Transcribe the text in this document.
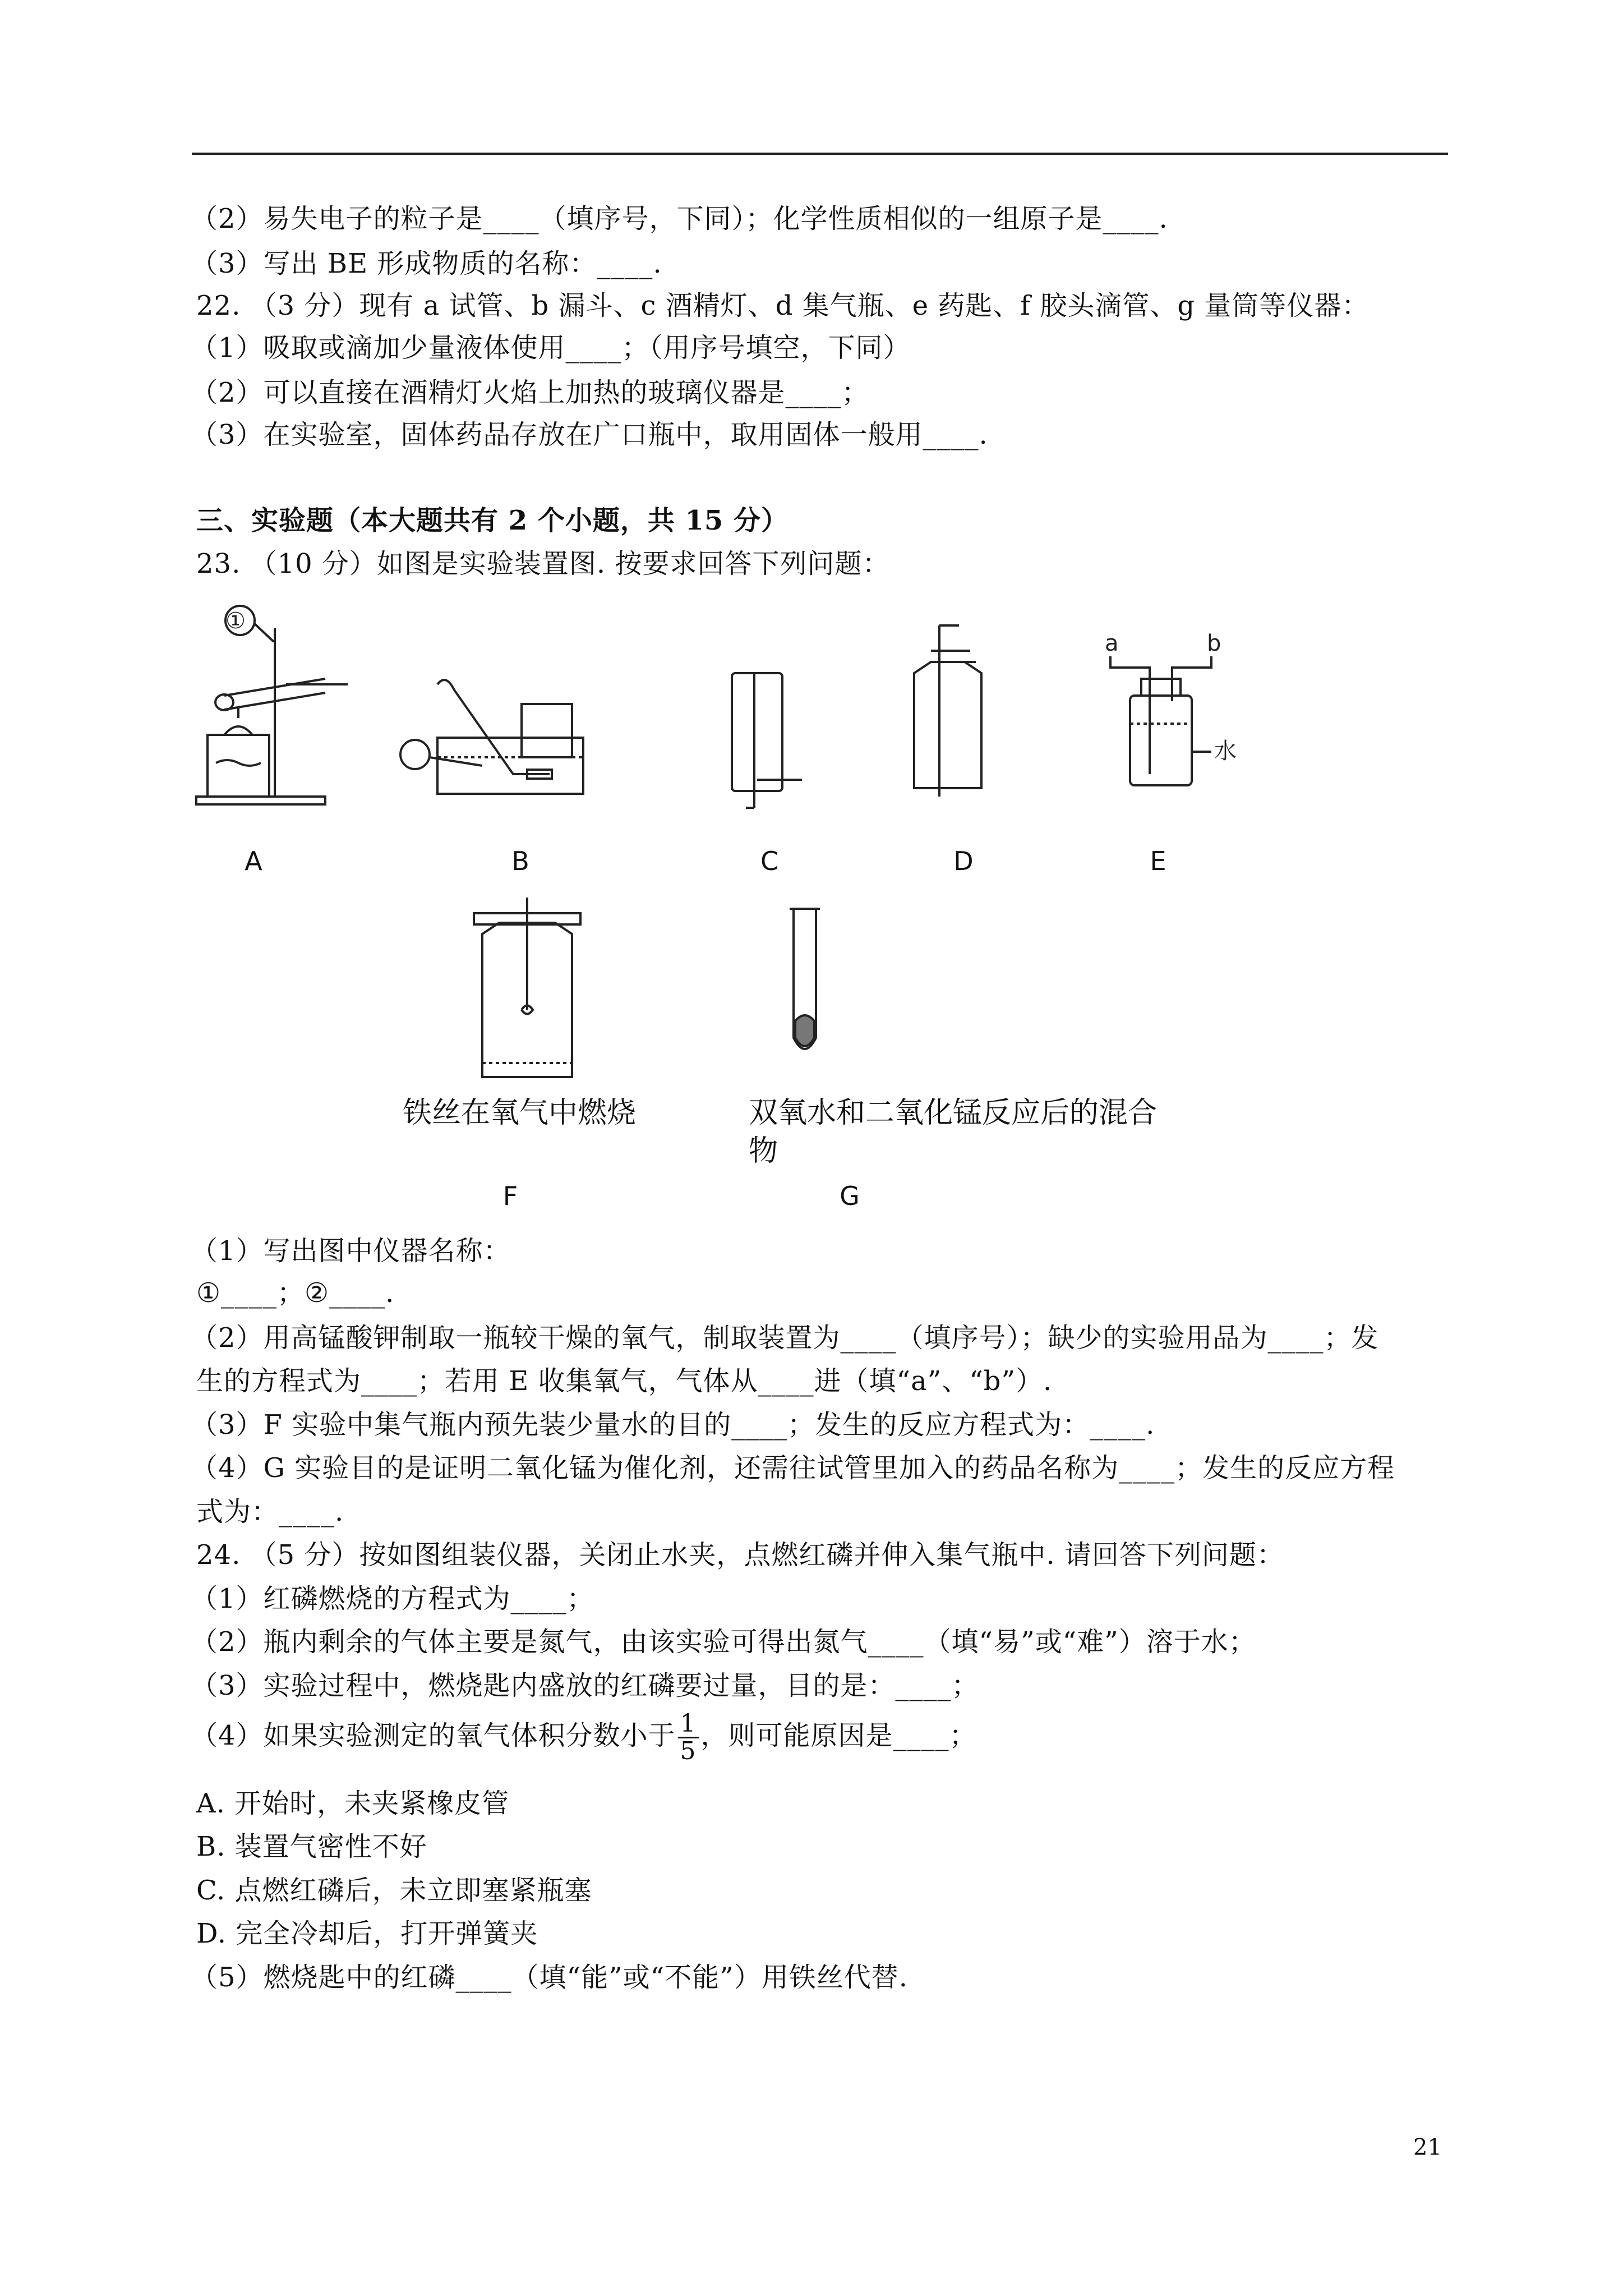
（2）易失电子的粒子是____（填序号，下同）；化学性质相似的一组原子是____.
（3）写出 BE 形成物质的名称：____.
22. （3 分）现有 a 试管、b 漏斗、c 酒精灯、d 集气瓶、e 药匙、f 胶头滴管、g 量筒等仪器：
（1）吸取或滴加少量液体使用____；（用序号填空，下同）
（2）可以直接在酒精灯火焰上加热的玻璃仪器是____；
（3）在实验室，固体药品存放在广口瓶中，取用固体一般用____.
三、实验题（本大题共有 2 个小题，共 15 分）
23. （10 分）如图是实验装置图. 按要求回答下列问题：
①
a	b
水
A	B	C	D	E
铁丝在氧气中燃烧	双氧水和二氧化锰反应后的混合
物
F	G
（1）写出图中仪器名称：
①____；②____.
（2）用高锰酸钾制取一瓶较干燥的氧气，制取装置为____（填序号）；缺少的实验用品为____；发
生的方程式为____；若用 E 收集氧气，气体从____进（填“a”、“b”）.
（3）F 实验中集气瓶内预先装少量水的目的____；发生的反应方程式为：____.
（4）G 实验目的是证明二氧化锰为催化剂，还需往试管里加入的药品名称为____；发生的反应方程
式为：____.
24. （5 分）按如图组装仪器，关闭止水夹，点燃红磷并伸入集气瓶中. 请回答下列问题：
（1）红磷燃烧的方程式为____；
（2）瓶内剩余的气体主要是氮气，由该实验可得出氮气____（填“易”或“难”）溶于水；
（3）实验过程中，燃烧匙内盛放的红磷要过量，目的是：____；
（4）如果实验测定的氧气体积分数小于 $\frac{1}{5}$ ，则可能原因是____；
A. 开始时，未夹紧橡皮管
B. 装置气密性不好
C. 点燃红磷后，未立即塞紧瓶塞
D. 完全冷却后，打开弹簧夹
（5）燃烧匙中的红磷____（填“能”或“不能”）用铁丝代替.
21
